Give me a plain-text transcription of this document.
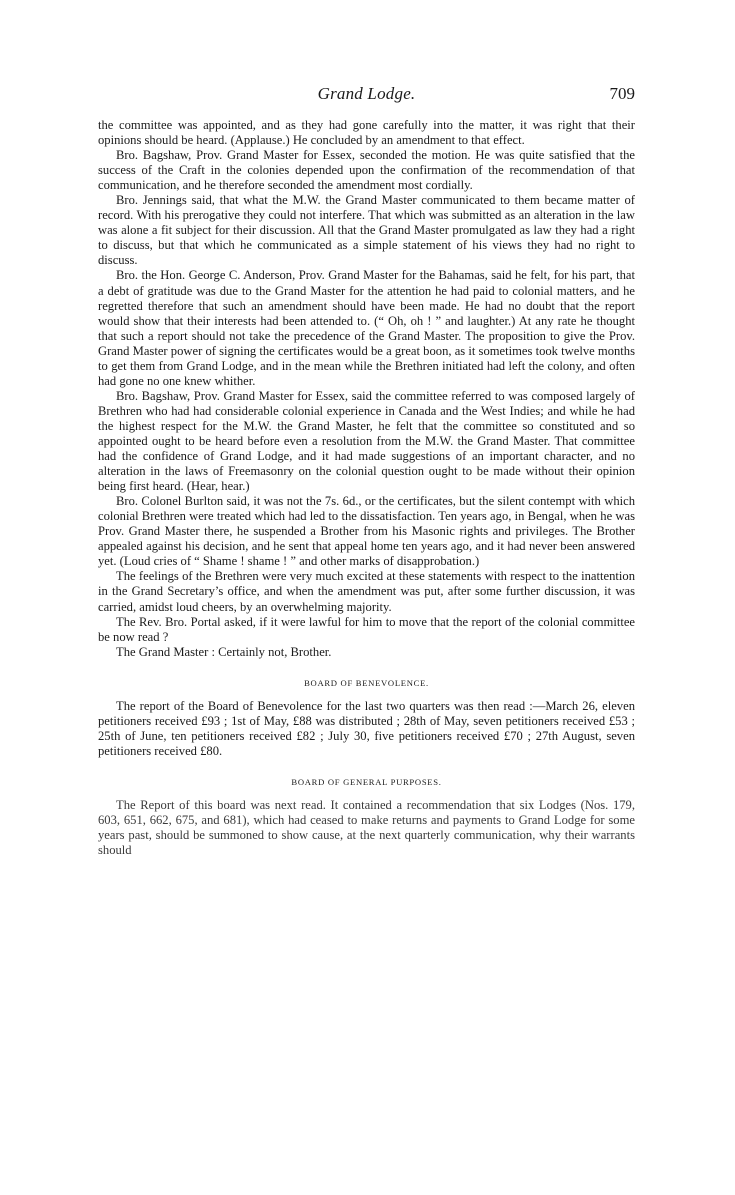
Grand Lodge.	709

the committee was appointed, and as they had gone carefully into the matter, it was right that their opinions should be heard. (Applause.) He concluded by an amendment to that effect.

Bro. Bagshaw, Prov. Grand Master for Essex, seconded the motion. He was quite satisfied that the success of the Craft in the colonies depended upon the confirmation of the recommendation of that communication, and he therefore seconded the amendment most cordially.

Bro. Jennings said, that what the M.W. the Grand Master communicated to them became matter of record. With his prerogative they could not interfere. That which was submitted as an alteration in the law was alone a fit subject for their discussion. All that the Grand Master promulgated as law they had a right to discuss, but that which he communicated as a simple statement of his views they had no right to discuss.

Bro. the Hon. George C. Anderson, Prov. Grand Master for the Bahamas, said he felt, for his part, that a debt of gratitude was due to the Grand Master for the attention he had paid to colonial matters, and he regretted therefore that such an amendment should have been made. He had no doubt that the report would show that their interests had been attended to. (“ Oh, oh ! ” and laughter.) At any rate he thought that such a report should not take the precedence of the Grand Master. The proposition to give the Prov. Grand Master power of signing the certificates would be a great boon, as it sometimes took twelve months to get them from Grand Lodge, and in the mean while the Brethren initiated had left the colony, and often had gone no one knew whither.

Bro. Bagshaw, Prov. Grand Master for Essex, said the committee referred to was composed largely of Brethren who had had considerable colonial experience in Canada and the West Indies; and while he had the highest respect for the M.W. the Grand Master, he felt that the committee so constituted and so appointed ought to be heard before even a resolution from the M.W. the Grand Master. That committee had the confidence of Grand Lodge, and it had made suggestions of an important character, and no alteration in the laws of Freemasonry on the colonial question ought to be made without their opinion being first heard. (Hear, hear.)

Bro. Colonel Burlton said, it was not the 7s. 6d., or the certificates, but the silent contempt with which colonial Brethren were treated which had led to the dissatisfaction. Ten years ago, in Bengal, when he was Prov. Grand Master there, he suspended a Brother from his Masonic rights and privileges. The Brother appealed against his decision, and he sent that appeal home ten years ago, and it had never been answered yet. (Loud cries of “ Shame ! shame ! ” and other marks of disapprobation.)

The feelings of the Brethren were very much excited at these statements with respect to the inattention in the Grand Secretary’s office, and when the amendment was put, after some further discussion, it was carried, amidst loud cheers, by an overwhelming majority.

The Rev. Bro. Portal asked, if it were lawful for him to move that the report of the colonial committee be now read ?

The Grand Master : Certainly not, Brother.

BOARD OF BENEVOLENCE.

The report of the Board of Benevolence for the last two quarters was then read :—March 26, eleven petitioners received £93 ; 1st of May, £88 was distributed ; 28th of May, seven petitioners received £53 ; 25th of June, ten petitioners received £82 ; July 30, five petitioners received £70 ; 27th August, seven petitioners received £80.

BOARD OF GENERAL PURPOSES.

The Report of this board was next read. It contained a recommendation that six Lodges (Nos. 179, 603, 651, 662, 675, and 681), which had ceased to make returns and payments to Grand Lodge for some years past, should be summoned to show cause, at the next quarterly communication, why their warrants should
